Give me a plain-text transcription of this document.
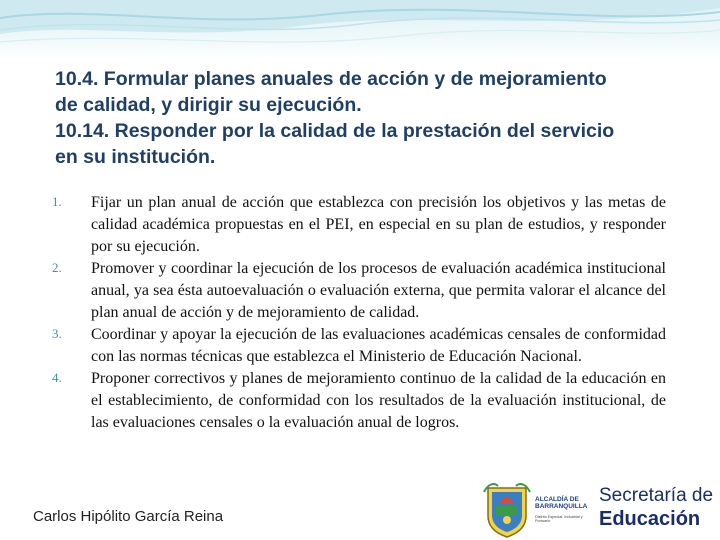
10.4. Formular planes anuales de acción y de mejoramiento
de calidad, y dirigir su ejecución.
10.14. Responder por la calidad de la prestación del servicio
en su institución.
1.	Fijar un plan anual de acción que establezca con precisión los objetivos y las metas de calidad académica propuestas en el PEI, en especial en su plan de estudios, y responder por su ejecución.
2.	Promover y coordinar la ejecución de los procesos de evaluación académica institucional anual, ya sea ésta autoevaluación o evaluación externa, que permita valorar el alcance del plan anual de acción y de mejoramiento de calidad.
3.	Coordinar y apoyar la ejecución de las evaluaciones académicas censales de conformidad con las normas técnicas que establezca el Ministerio de Educación Nacional.
4.	Proponer correctivos y planes de mejoramiento continuo de la calidad de la educación en el establecimiento, de conformidad con los resultados de la evaluación institucional, de las evaluaciones censales o la evaluación anual de logros.
Carlos Hipólito García Reina
ALCALDÍA DE BARRANQUILLA
Distrito Especial, Industrial y Portuario
Secretaría de
Educación
